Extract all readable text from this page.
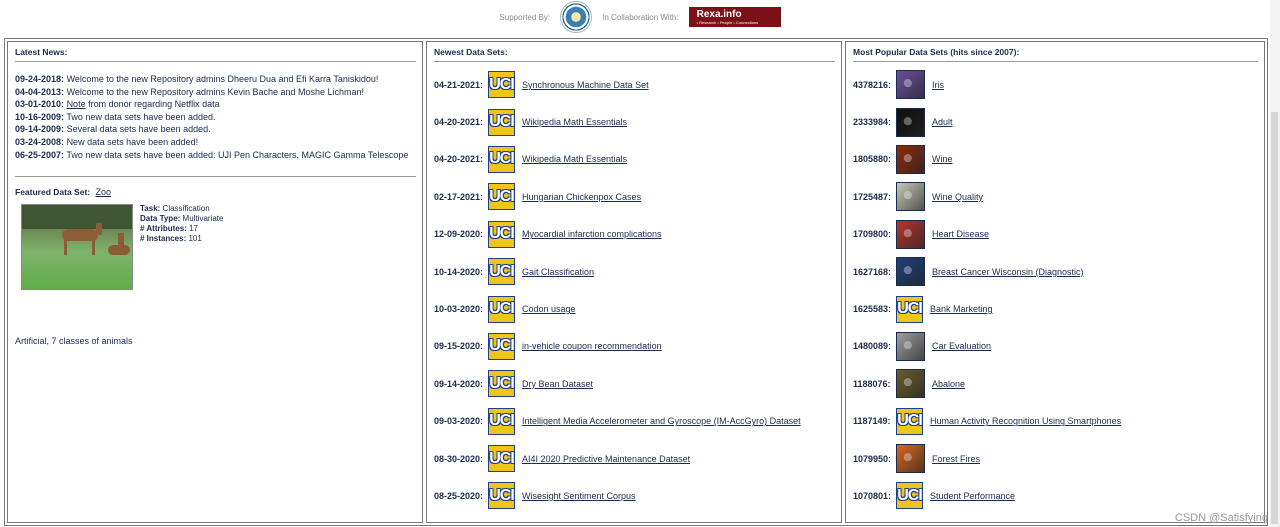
Supported By:	In Collaboration With: Rexa.info
• Research • People • Connections
Latest News:
09-24-2018: Welcome to the new Repository admins Dheeru Dua and Efi Karra Taniskidou!
04-04-2013: Welcome to the new Repository admins Kevin Bache and Moshe Lichman!
03-01-2010: Note from donor regarding Netflix data
10-16-2009: Two new data sets have been added.
09-14-2009: Several data sets have been added.
03-24-2008: New data sets have been added!
06-25-2007: Two new data sets have been added: UJI Pen Characters, MAGIC Gamma Telescope
Featured Data Set: Zoo
Task: Classification
Data Type: Multivariate
# Attributes: 17
# Instances: 101
Artificial, 7 classes of animals
Newest Data Sets:
04-21-2021: UCI Synchronous Machine Data Set
04-20-2021: UCI Wikipedia Math Essentials
04-20-2021: UCI Wikipedia Math Essentials
02-17-2021: UCI Hungarian Chickenpox Cases
12-09-2020: UCI Myocardial infarction complications
10-14-2020: UCI Gait Classification
10-03-2020: UCI Codon usage
09-15-2020: UCI in-vehicle coupon recommendation
09-14-2020: UCI Dry Bean Dataset
09-03-2020: UCI Intelligent Media Accelerometer and Gyroscope (IM-AccGyro) Dataset
08-30-2020: UCI AI4I 2020 Predictive Maintenance Dataset
08-25-2020: UCI Wisesight Sentiment Corpus
Most Popular Data Sets (hits since 2007):
4378216:	Iris
2333984:	Adult
1805880:	Wine
1725487:	Wine Quality
1709800:	Heart Disease
1627168:	Breast Cancer Wisconsin (Diagnostic)
1625583: UCI Bank Marketing
1480089:	Car Evaluation
1188076:	Abalone
1187149: UCI Human Activity Recognition Using Smartphones
1079950:	Forest Fires
1070801: UCI Student Performance
CSDN @Satisfying
